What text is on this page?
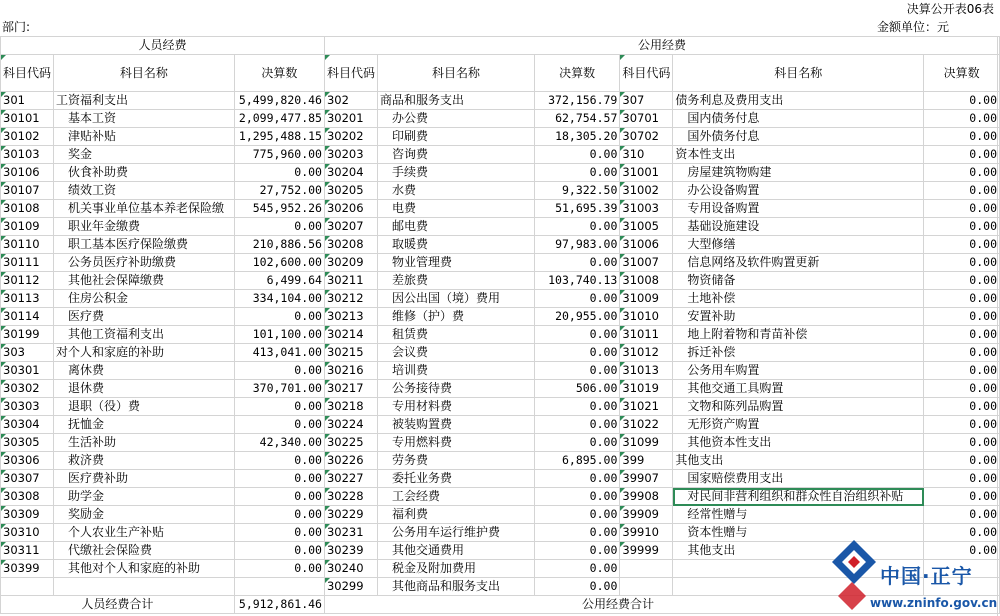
决算公开表06表
部门:	金额单位：元
人员经费			公用经费					
科目代码	科目名称	决算数	科目代码	科目名称	决算数	科目代码	科目名称	决算数
301	工资福利支出	5,499,820.46	302	商品和服务支出	372,156.79	307	债务利息及费用支出	0.00
30101	基本工资	2,099,477.85	30201	办公费	62,754.57	30701	国内债务付息	0.00
30102	津贴补贴	1,295,488.15	30202	印刷费	18,305.20	30702	国外债务付息	0.00
30103	奖金	775,960.00	30203	咨询费	0.00	310	资本性支出	0.00
30106	伙食补助费	0.00	30204	手续费	0.00	31001	房屋建筑物购建	0.00
30107	绩效工资	27,752.00	30205	水费	9,322.50	31002	办公设备购置	0.00
30108	机关事业单位基本养老保险缴	545,952.26	30206	电费	51,695.39	31003	专用设备购置	0.00
30109	职业年金缴费	0.00	30207	邮电费	0.00	31005	基础设施建设	0.00
30110	职工基本医疗保险缴费	210,886.56	30208	取暖费	97,983.00	31006	大型修缮	0.00
30111	公务员医疗补助缴费	102,600.00	30209	物业管理费	0.00	31007	信息网络及软件购置更新	0.00
30112	其他社会保障缴费	6,499.64	30211	差旅费	103,740.13	31008	物资储备	0.00
30113	住房公积金	334,104.00	30212	因公出国（境）费用	0.00	31009	土地补偿	0.00
30114	医疗费	0.00	30213	维修（护）费	20,955.00	31010	安置补助	0.00
30199	其他工资福利支出	101,100.00	30214	租赁费	0.00	31011	地上附着物和青苗补偿	0.00
303	对个人和家庭的补助	413,041.00	30215	会议费	0.00	31012	拆迁补偿	0.00
30301	离休费	0.00	30216	培训费	0.00	31013	公务用车购置	0.00
30302	退休费	370,701.00	30217	公务接待费	506.00	31019	其他交通工具购置	0.00
30303	退职（役）费	0.00	30218	专用材料费	0.00	31021	文物和陈列品购置	0.00
30304	抚恤金	0.00	30224	被装购置费	0.00	31022	无形资产购置	0.00
30305	生活补助	42,340.00	30225	专用燃料费	0.00	31099	其他资本性支出	0.00
30306	救济费	0.00	30226	劳务费	6,895.00	399	其他支出	0.00
30307	医疗费补助	0.00	30227	委托业务费	0.00	39907	国家赔偿费用支出	0.00
30308	助学金	0.00	30228	工会经费	0.00	39908	对民间非营利组织和群众性自治组织补贴	0.00
30309	奖励金	0.00	30229	福利费	0.00	39909	经常性赠与	0.00
30310	个人农业生产补贴	0.00	30231	公务用车运行维护费	0.00	39910	资本性赠与	0.00
30311	代缴社会保险费	0.00	30239	其他交通费用	0.00	39999	其他支出	0.00
30399	其他对个人和家庭的补助	0.00	30240	税金及附加费用	0.00			
			30299	其他商品和服务支出	0.00			
人员经费合计		5,912,861.46	公用经费合计					
中国·正宁
www.zninfo.gov.cn
